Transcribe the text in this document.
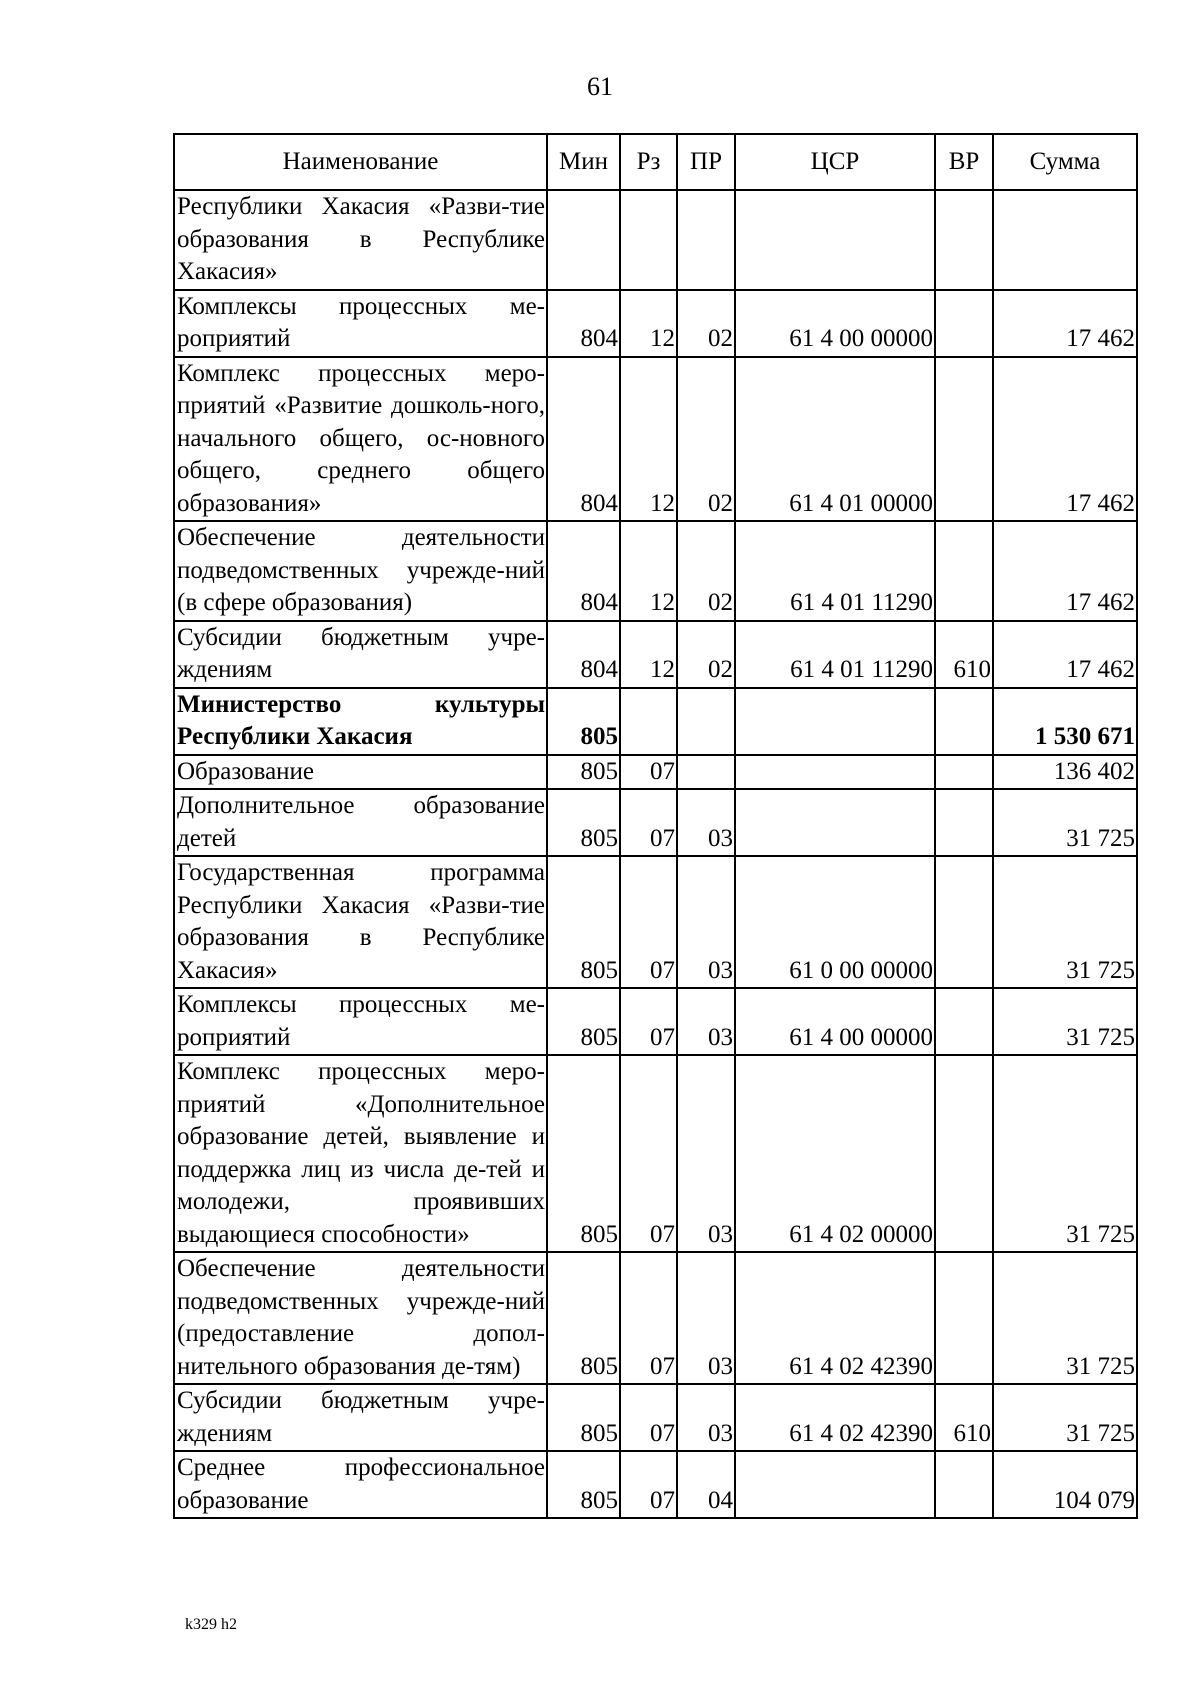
61
Наименование	Мин	Рз	ПР	ЦСР	ВР	Сумма
Республики Хакасия «Разви-тие образования в Республике Хакасия»						
Комплексы процессных ме-роприятий	804	12	02	61 4 00 00000		17 462
Комплекс процессных меро-приятий «Развитие дошколь-ного, начального общего, ос-новного общего, среднего общего образования»	804	12	02	61 4 01 00000		17 462
Обеспечение деятельности подведомственных учрежде-ний (в сфере образования)	804	12	02	61 4 01 11290		17 462
Субсидии бюджетным учре-ждениям	804	12	02	61 4 01 11290	610	17 462
Министерство культуры Республики Хакасия	805					1 530 671
Образование	805	07				136 402
Дополнительное образование детей	805	07	03			31 725
Государственная программа Республики Хакасия «Разви-тие образования в Республике Хакасия»	805	07	03	61 0 00 00000		31 725
Комплексы процессных ме-роприятий	805	07	03	61 4 00 00000		31 725
Комплекс процессных меро-приятий «Дополнительное образование детей, выявление и поддержка лиц из числа де-тей и молодежи, проявивших выдающиеся способности»	805	07	03	61 4 02 00000		31 725
Обеспечение деятельности подведомственных учрежде-ний (предоставление допол-нительного образования де-тям)	805	07	03	61 4 02 42390		31 725
Субсидии бюджетным учре-ждениям	805	07	03	61 4 02 42390	610	31 725
Среднее профессиональное образование	805	07	04			104 079
k329 h2
